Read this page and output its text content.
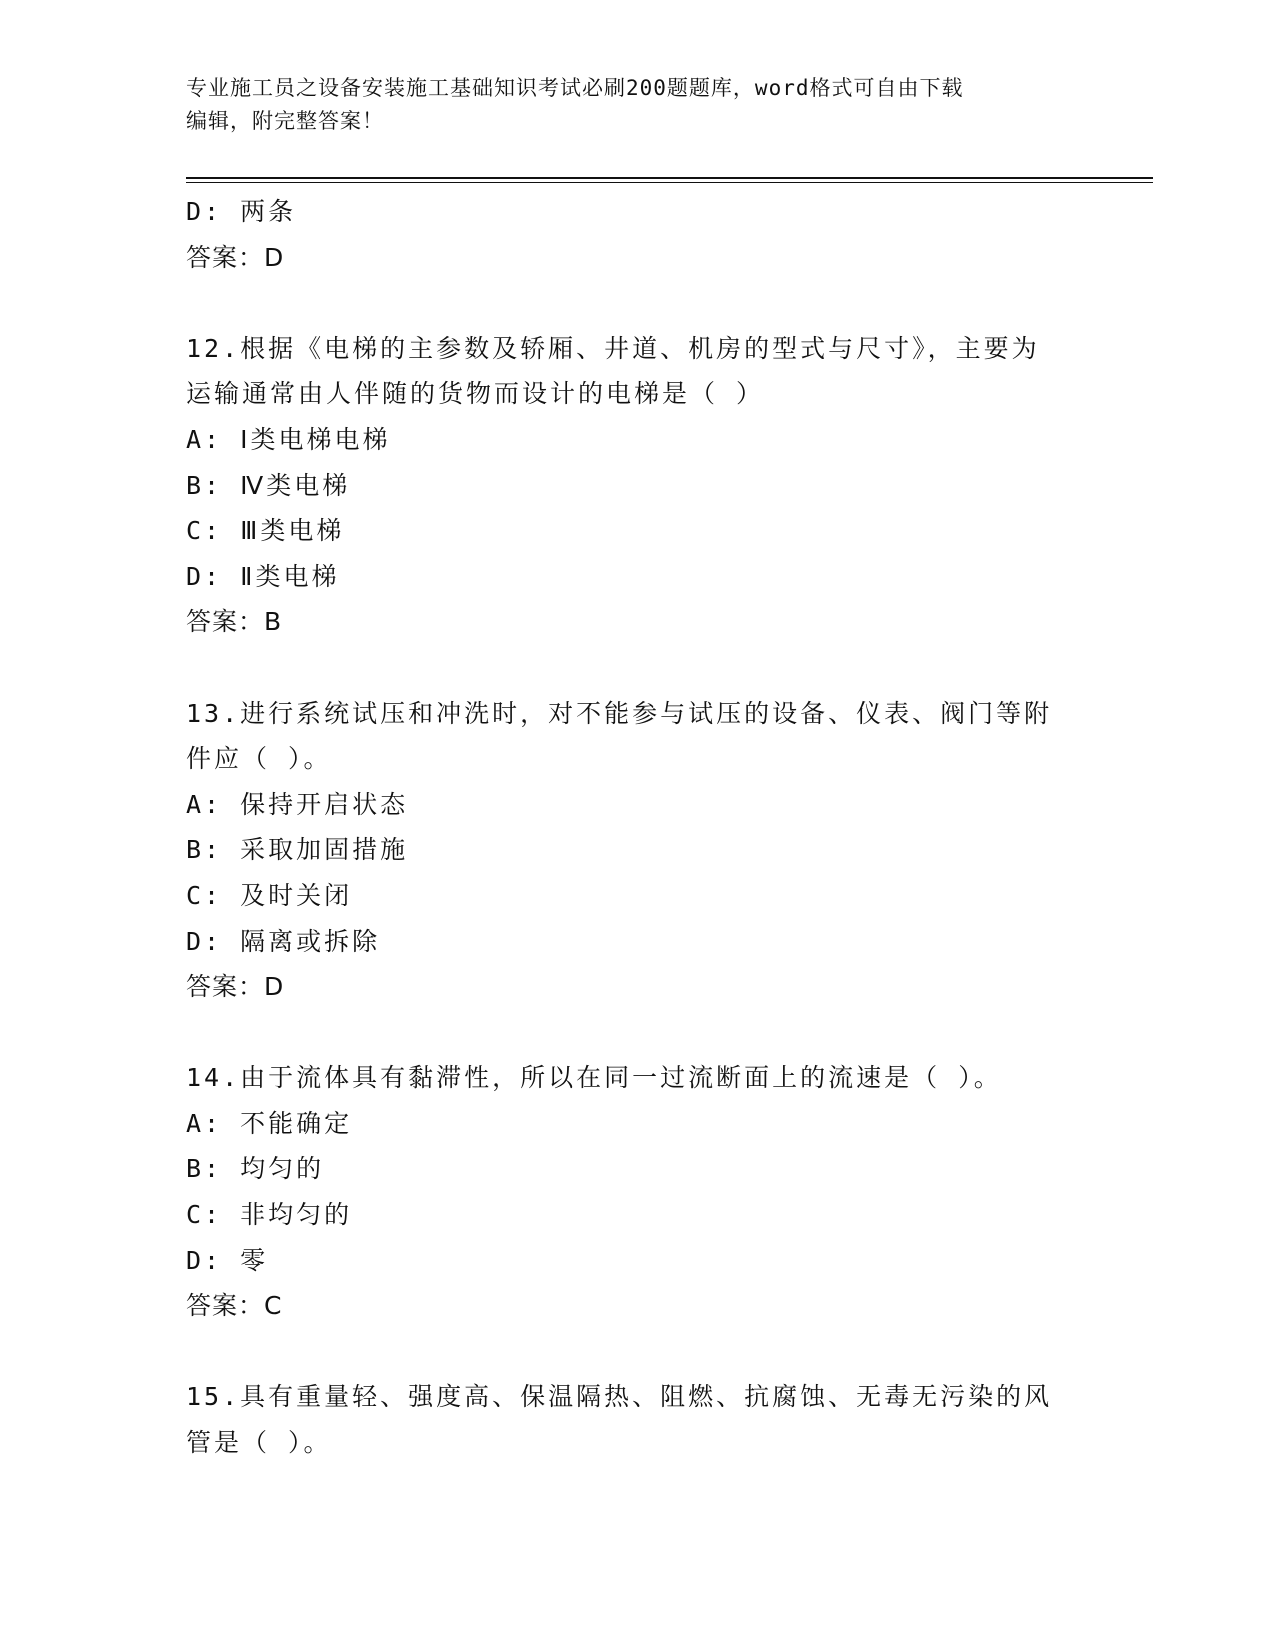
专业施工员之设备安装施工基础知识考试必刷200题题库，word格式可自由下载
编辑，附完整答案！
D: 两条
答案：D
12.根据《电梯的主参数及轿厢、井道、机房的型式与尺寸》，主要为
运输通常由人伴随的货物而设计的电梯是（ ）
A: Ⅰ类电梯电梯
B: Ⅳ类电梯
C: Ⅲ类电梯
D: Ⅱ类电梯
答案：B
13.进行系统试压和冲洗时，对不能参与试压的设备、仪表、阀门等附
件应（ ）。
A: 保持开启状态
B: 采取加固措施
C: 及时关闭
D: 隔离或拆除
答案：D
14.由于流体具有黏滞性，所以在同一过流断面上的流速是（ ）。
A: 不能确定
B: 均匀的
C: 非均匀的
D: 零
答案：C
15.具有重量轻、强度高、保温隔热、阻燃、抗腐蚀、无毒无污染的风
管是（ ）。
